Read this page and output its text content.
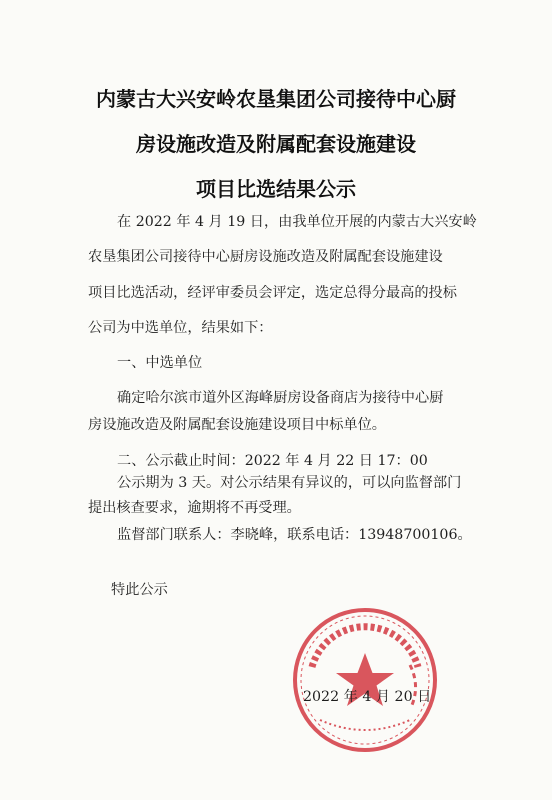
内蒙古大兴安岭农垦集团公司接待中心厨
房设施改造及附属配套设施建设
项目比选结果公示
在 2022 年 4 月 19 日，由我单位开展的内蒙古大兴安岭
农垦集团公司接待中心厨房设施改造及附属配套设施建设
项目比选活动，经评审委员会评定，选定总得分最高的投标
公司为中选单位，结果如下：
一、中选单位
确定哈尔滨市道外区海峰厨房设备商店为接待中心厨
房设施改造及附属配套设施建设项目中标单位。
二、公示截止时间：2022 年 4 月 22 日 17：00
公示期为 3 天。对公示结果有异议的，可以向监督部门
提出核查要求，逾期将不再受理。
监督部门联系人：李晓峰，联系电话：13948700106。
特此公示
2022 年 4 月 20 日
